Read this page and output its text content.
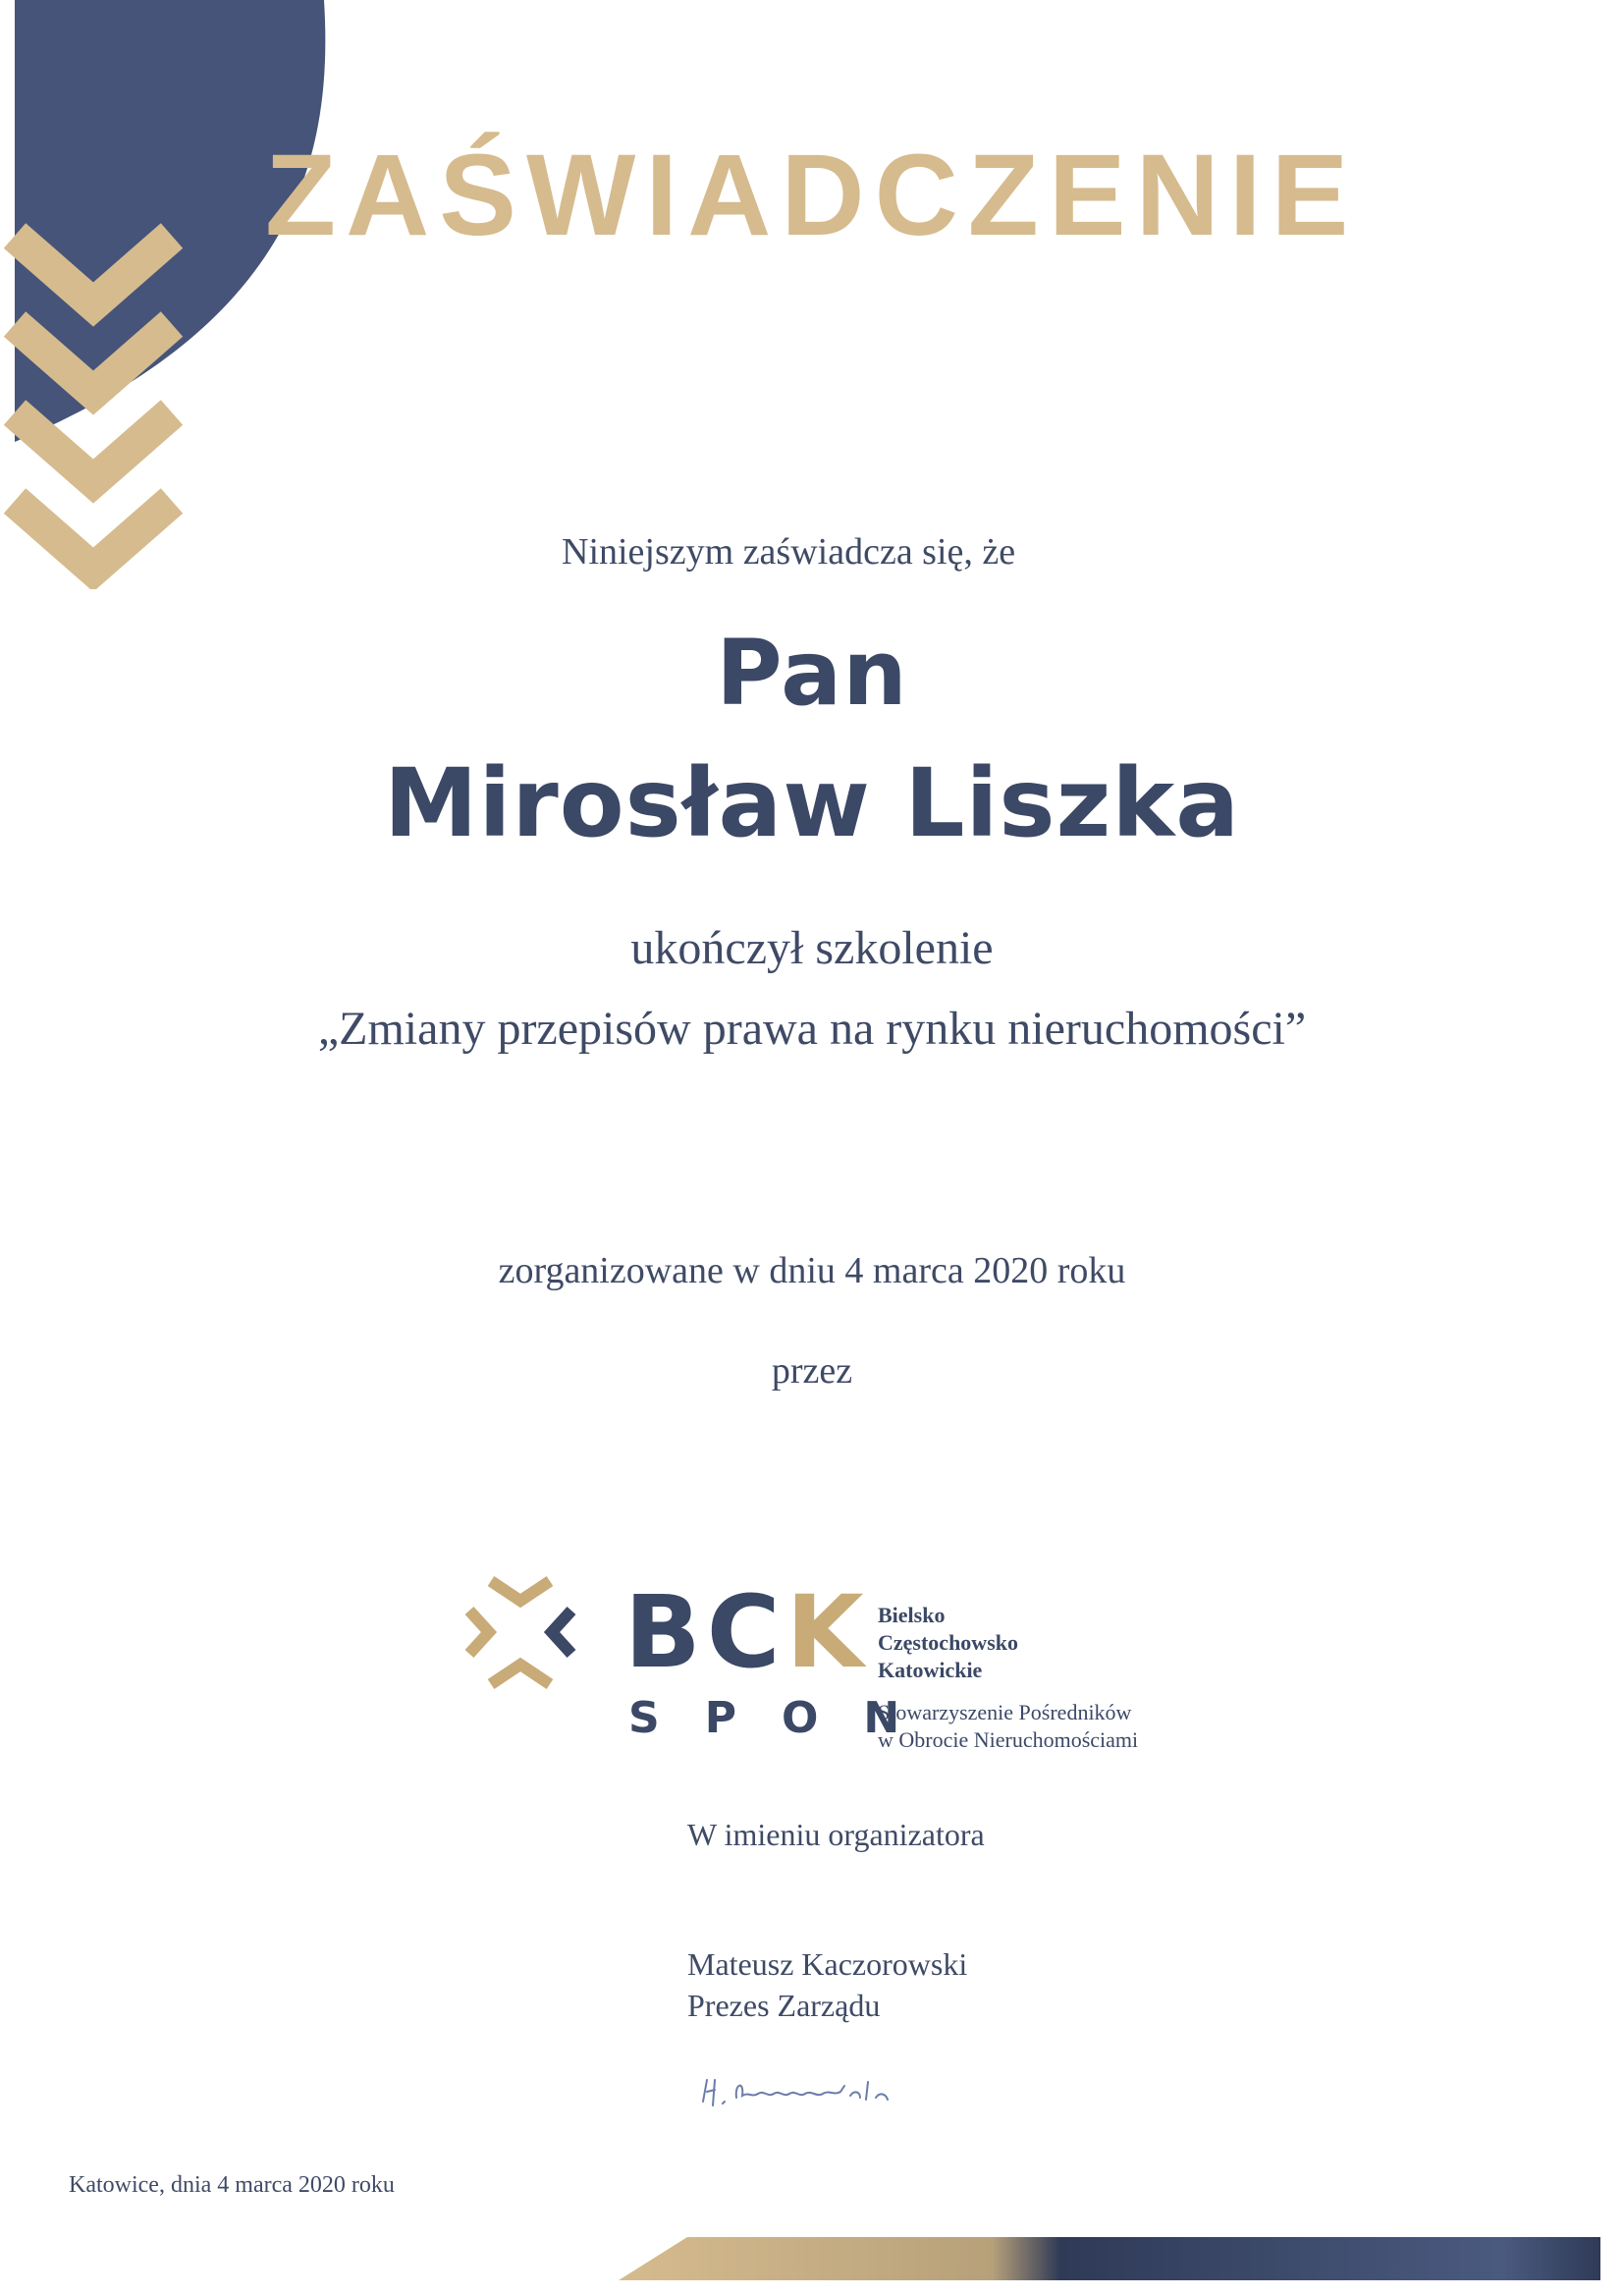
ZAŚWIADCZENIE
Niniejszym zaświadcza się, że
Pan
Mirosław Liszka
ukończył szkolenie
„Zmiany przepisów prawa na rynku nieruchomości”
zorganizowane w dniu 4 marca 2020 roku
przez
BCK
SPON
Bielsko
Częstochowsko
Katowickie
Stowarzyszenie Pośredników
w Obrocie Nieruchomościami
W imieniu organizatora
Mateusz Kaczorowski
Prezes Zarządu
Katowice, dnia 4 marca 2020 roku
